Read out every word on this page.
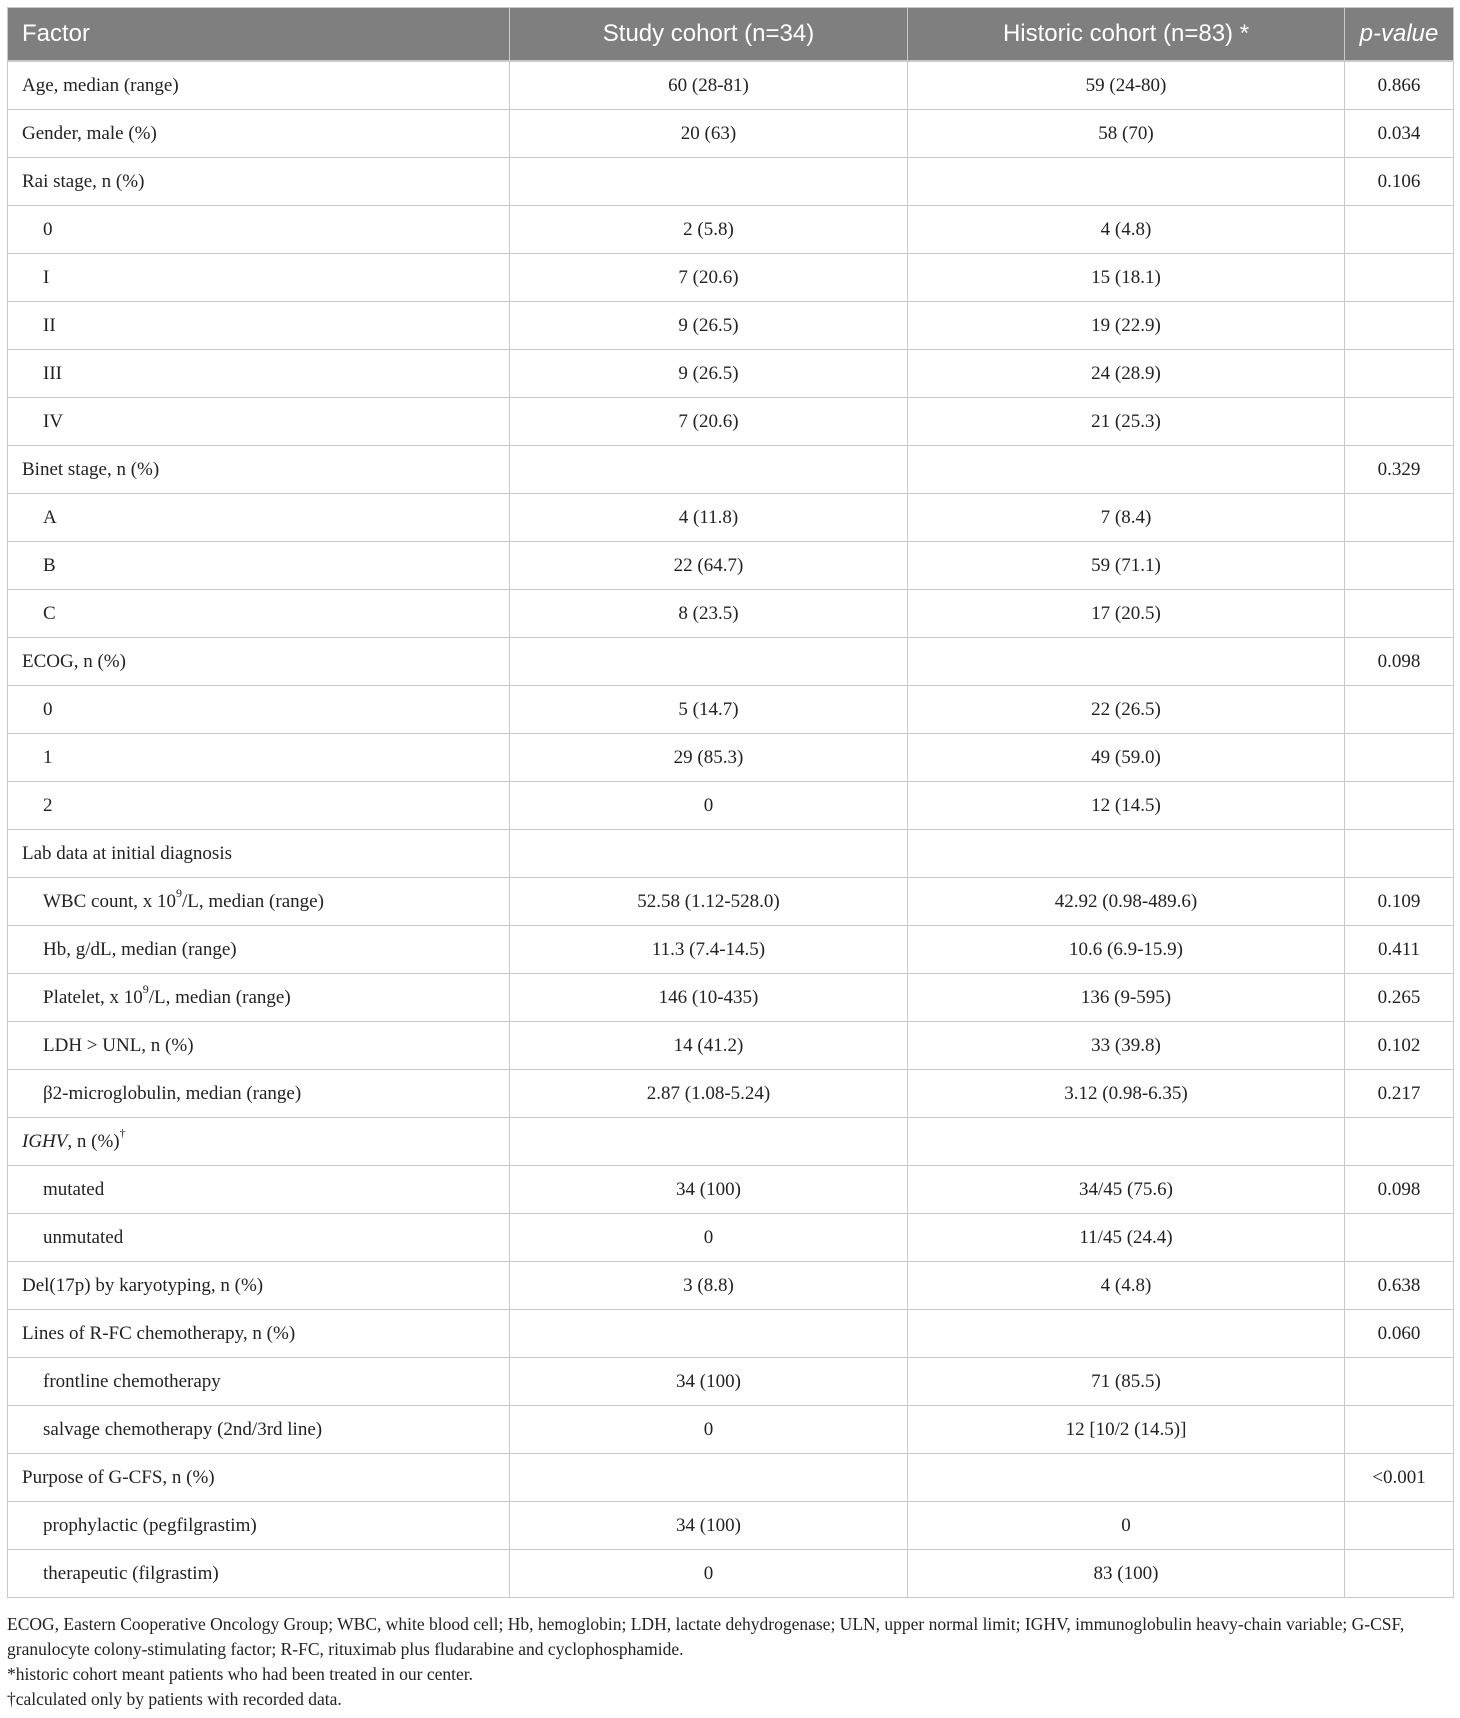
Factor	Study cohort (n=34)	Historic cohort (n=83) *	p-value
Age, median (range)	60 (28-81)	59 (24-80)	0.866
Gender, male (%)	20 (63)	58 (70)	0.034
Rai stage, n (%)			0.106
0	2 (5.8)	4 (4.8)	
I	7 (20.6)	15 (18.1)	
II	9 (26.5)	19 (22.9)	
III	9 (26.5)	24 (28.9)	
IV	7 (20.6)	21 (25.3)	
Binet stage, n (%)			0.329
A	4 (11.8)	7 (8.4)	
B	22 (64.7)	59 (71.1)	
C	8 (23.5)	17 (20.5)	
ECOG, n (%)			0.098
0	5 (14.7)	22 (26.5)	
1	29 (85.3)	49 (59.0)	
2	0	12 (14.5)	
Lab data at initial diagnosis			
WBC count, x $10^9/L$, median (range)	52.58 (1.12-528.0)	42.92 (0.98-489.6)	0.109
Hb, g/dL, median (range)	11.3 (7.4-14.5)	10.6 (6.9-15.9)	0.411
Platelet, x $10^9/L$, median (range)	146 (10-435)	136 (9-595)	0.265
LDH > UNL, n (%)	14 (41.2)	33 (39.8)	0.102
β2-microglobulin, median (range)	2.87 (1.08-5.24)	3.12 (0.98-6.35)	0.217
IGHV, n (%)†			
mutated	34 (100)	34/45 (75.6)	0.098
unmutated	0	11/45 (24.4)	
Del(17p) by karyotyping, n (%)	3 (8.8)	4 (4.8)	0.638
Lines of R-FC chemotherapy, n (%)			0.060
frontline chemotherapy	34 (100)	71 (85.5)	
salvage chemotherapy (2nd/3rd line)	0	12 [10/2 (14.5)]	
Purpose of G-CFS, n (%)			<0.001
prophylactic (pegfilgrastim)	34 (100)	0	
therapeutic (filgrastim)	0	83 (100)	

ECOG, Eastern Cooperative Oncology Group; WBC, white blood cell; Hb, hemoglobin; LDH, lactate dehydrogenase; ULN, upper normal limit; IGHV, immunoglobulin heavy-chain variable; G-CSF, granulocyte colony-stimulating factor; R-FC, rituximab plus fludarabine and cyclophosphamide.

*historic cohort meant patients who had been treated in our center.

†calculated only by patients with recorded data.
